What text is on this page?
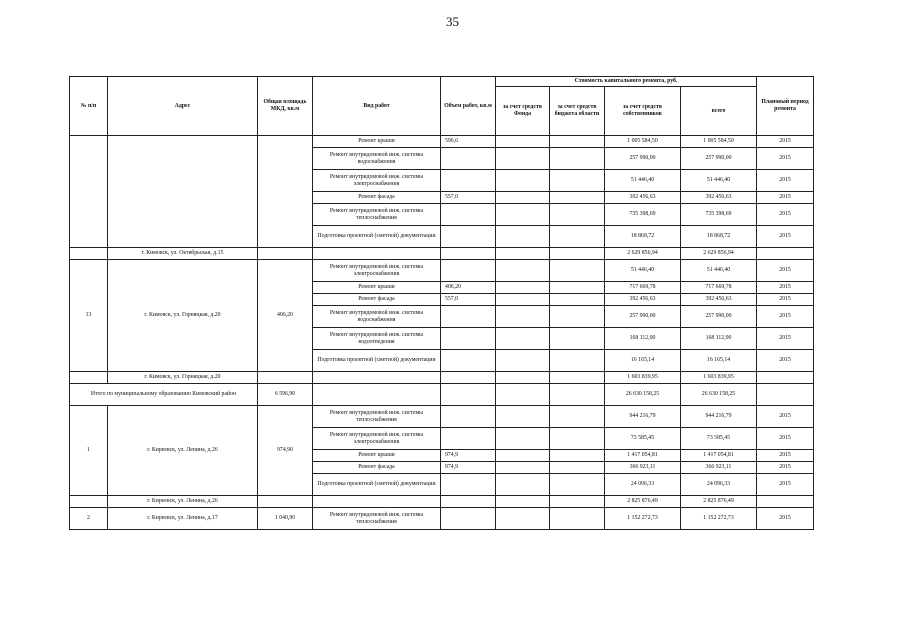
35
№ п/п	Адрес	Общая площадь МКД, кв.м	Вид работ	Объем работ, кв.м	Стоимость капитального ремонта, руб.				Плановый период ремонта
					за счет средств Фонда	за счет средств бюджета области	за счет средств собственников	всего	
			Ремонт крыши	596,6			1 005 584,50	1 005 584,50	2015
			Ремонт внутридомовой инж. системы водоснабжения				257 990,00	257 990,00	2015
			Ремонт внутридомовой инж. системы электроснабжения				51 446,40	51 446,40	2015
			Ремонт фасада	557,0			392 456,63	392 456,63	2015
			Ремонт внутридомовой инж. системы теплоснабжения				735 398,69	735 398,69	2015
			Подготовка проектной (сметной) документации				18 868,72	18 868,72	2015
	г. Кимовск, ул. Октябрьская, д.15						2 629 856,94	2 629 856,94	
13	г. Кимовск, ул. Горняцкая, д.20	406,20	Ремонт внутридомовой инж. системы электроснабжения				51 446,40	51 446,40	2015
			Ремонт крыши	406,20			717 669,78	717 669,78	2015
			Ремонт фасада	557,0			392 456,63	392 456,63	2015
			Ремонт внутридомовой инж. системы водоснабжения				257 990,00	257 990,00	2015
			Ремонт внутридомовой инж. системы водоотведения				168 112,00	168 112,00	2015
			Подготовка проектной (сметной) документации				16 165,14	16 165,14	2015
	г. Кимовск, ул. Горняцкая, д.20						1 603 839,95	1 603 839,95	
Итого по муниципальному образованию Кимовский район		6 596,90					26 630 158,25	26 630 158,25	
1	г. Киреевск, ул. Ленина, д.26	974,90	Ремонт внутридомовой инж. системы теплоснабжения				944 216,79	944 216,79	2015
			Ремонт внутридомовой инж. системы электроснабжения				73 585,45	73 585,45	2015
			Ремонт крыши	974,9			1 417 054,81	1 417 054,81	2015
			Ремонт фасада	974,9			366 923,11	366 923,11	2015
			Подготовка проектной (сметной) документации				24 096,33	24 096,33	2015
	г. Киреевск, ул. Ленина, д.26						2 825 876,49	2 825 876,49	
2	г. Киреевск, ул. Ленина, д.17	1 040,90	Ремонт внутридомовой инж. системы теплоснабжения				1 152 272,73	1 152 272,73	2015
